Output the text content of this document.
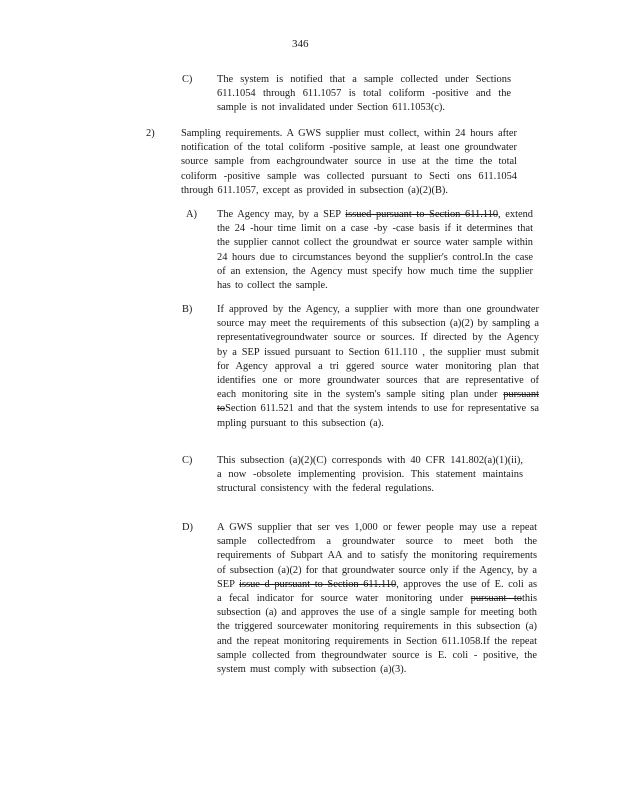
346
C) The system is notified that a sample collected under Sections 611.1054 through 611.1057 is total coliform -positive and the sample is not invalidated under Section 611.1053(c).
2)	Sampling requirements. A GWS supplier must collect, within 24 hours after notification of the total coliform -positive sample, at least one groundwater source sample from eachgroundwater source in use at the time the total coliform -positive sample was collected pursuant to Secti ons 611.1054 through 611.1057, except as provided in subsection (a)(2)(B).
A) The Agency may, by a SEP issued pursuant to Section 611.110, extend the 24 -hour time limit on a case -by -case basis if it determines that the supplier cannot collect the groundwat er source water sample within 24 hours due to circumstances beyond the supplier's control.In the case of an extension, the Agency must specify how much time the supplier has to collect the sample.
B) If approved by the Agency, a supplier with more than one groundwater source may meet the requirements of this subsection (a)(2) by sampling a representativegroundwater source or sources. If directed by the Agency by a SEP issued pursuant to Section 611.110 , the supplier must submit for Agency approval a tri ggered source water monitoring plan that identifies one or more groundwater sources that are representative of each monitoring site in the system's sample siting plan under pursuant toSection 611.521 and that the system intends to use for representative sa mpling pursuant to this subsection (a).
C) This subsection (a)(2)(C) corresponds with 40 CFR 141.802(a)(1)(ii), a now -obsolete implementing provision. This statement maintains structural consistency with the federal regulations.
D) A GWS supplier that ser ves 1,000 or fewer people may use a repeat sample collectedfrom a groundwater source to meet both the requirements of Subpart AA and to satisfy the monitoring requirements of subsection (a)(2) for that groundwater source only if the Agency, by a SEP issue d pursuant to Section 611.110, approves the use of E. coli as a fecal indicator for source water monitoring under pursuant tothis subsection (a) and approves the use of a single sample for meeting both the triggered sourcewater monitoring requirements in this subsection (a) and the repeat monitoring requirements in Section 611.1058.If the repeat sample collected from thegroundwater source is E. coli - positive, the system must comply with subsection (a)(3).
